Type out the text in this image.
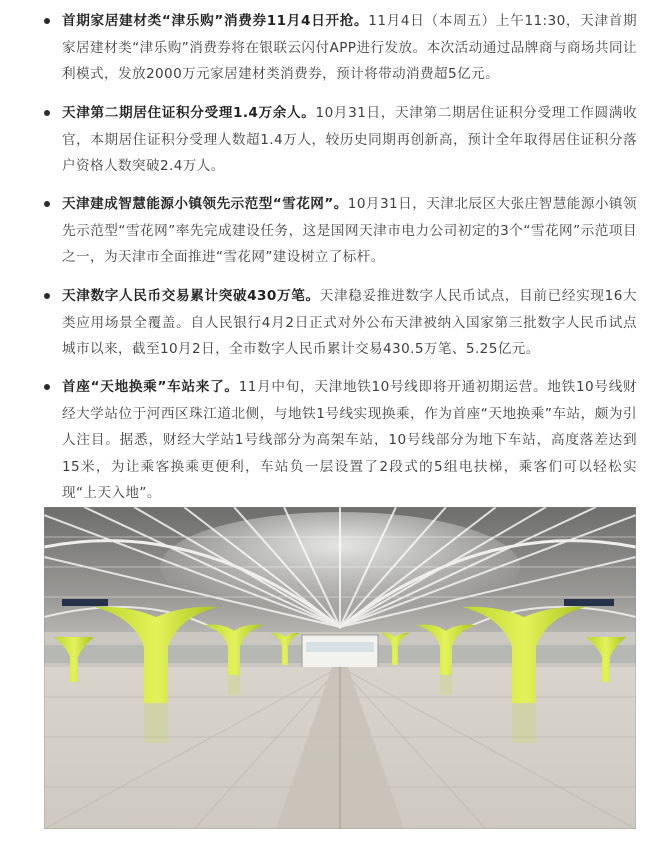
首期家居建材类“津乐购”消费券11月4日开抢。11月4日（本周五）上午11:30，天津首期家居建材类“津乐购”消费券将在银联云闪付APP进行发放。本次活动通过品牌商与商场共同让利模式，发放2000万元家居建材类消费券，预计将带动消费超5亿元。
天津第二期居住证积分受理1.4万余人。10月31日，天津第二期居住证积分受理工作圆满收官，本期居住证积分受理人数超1.4万人，较历史同期再创新高，预计全年取得居住证积分落户资格人数突破2.4万人。
天津建成智慧能源小镇领先示范型“雪花网”。10月31日，天津北辰区大张庄智慧能源小镇领先示范型“雪花网”率先完成建设任务，这是国网天津市电力公司初定的3个“雪花网”示范项目之一，为天津市全面推进“雪花网”建设树立了标杆。
天津数字人民币交易累计突破430万笔。天津稳妥推进数字人民币试点，目前已经实现16大类应用场景全覆盖。自人民银行4月2日正式对外公布天津被纳入国家第三批数字人民币试点城市以来，截至10月2日，全市数字人民币累计交易430.5万笔、5.25亿元。
首座“天地换乘”车站来了。11月中旬，天津地铁10号线即将开通初期运营。地铁10号线财经大学站位于河西区珠江道北侧，与地铁1号线实现换乘，作为首座“天地换乘”车站，颇为引人注目。据悉，财经大学站1号线部分为高架车站，10号线部分为地下车站，高度落差达到15米，为让乘客换乘更便利，车站负一层设置了2段式的5组电扶梯，乘客们可以轻松实现“上天入地”。
